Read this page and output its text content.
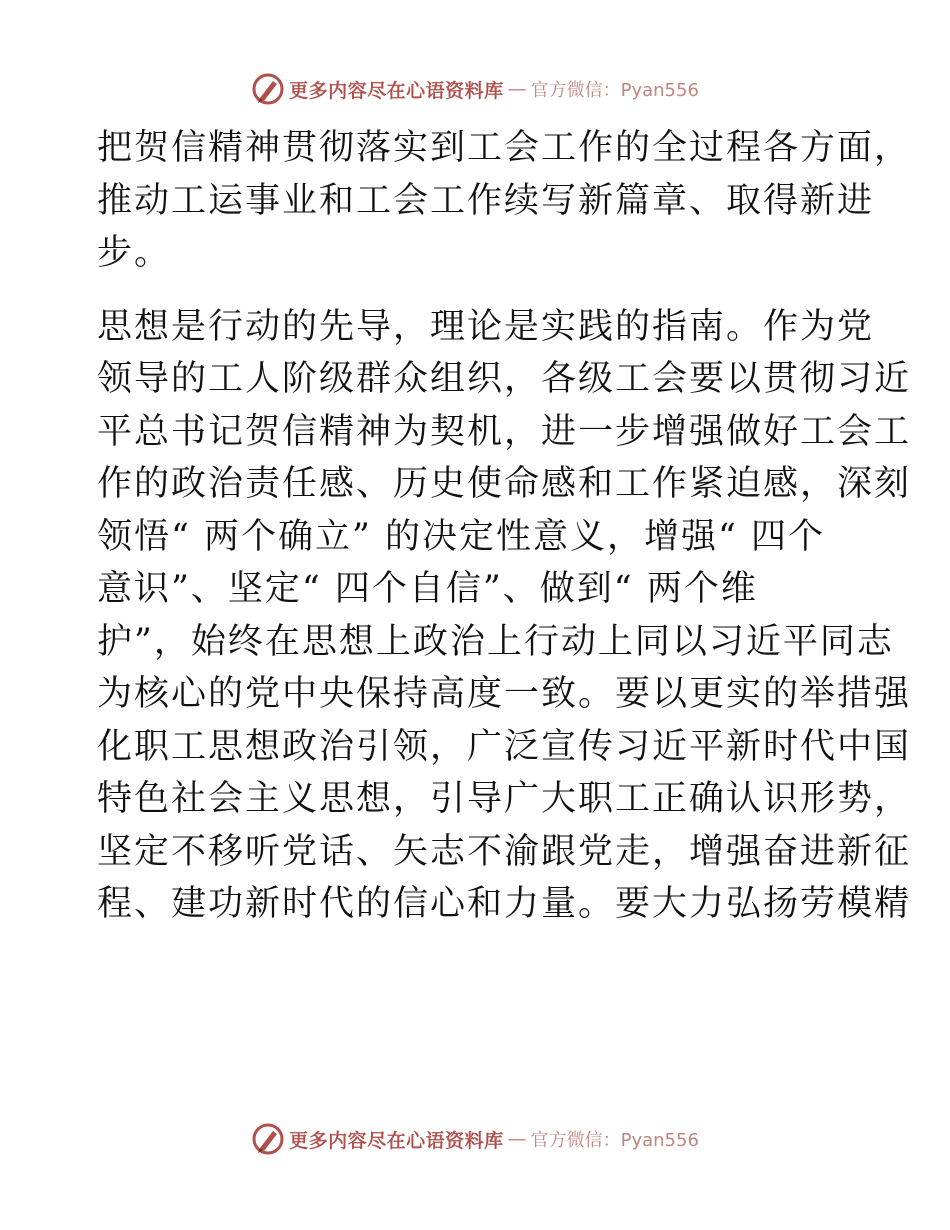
更多内容尽在心语资料库 — 官方微信：Pyan556

把贺信精神贯彻落实到工会工作的全过程各方面，
推动工运事业和工会工作续写新篇章、取得新进
步。

思想是行动的先导，理论是实践的指南。作为党
领导的工人阶级群众组织，各级工会要以贯彻习近
平总书记贺信精神为契机，进一步增强做好工会工
作的政治责任感、历史使命感和工作紧迫感，深刻
领悟“ 两个确立” 的决定性意义，增强“ 四个
意识”、坚定“ 四个自信”、做到“ 两个维
护”，始终在思想上政治上行动上同以习近平同志
为核心的党中央保持高度一致。要以更实的举措强
化职工思想政治引领，广泛宣传习近平新时代中国
特色社会主义思想，引导广大职工正确认识形势，
坚定不移听党话、矢志不渝跟党走，增强奋进新征
程、建功新时代的信心和力量。要大力弘扬劳模精

更多内容尽在心语资料库 — 官方微信：Pyan556
